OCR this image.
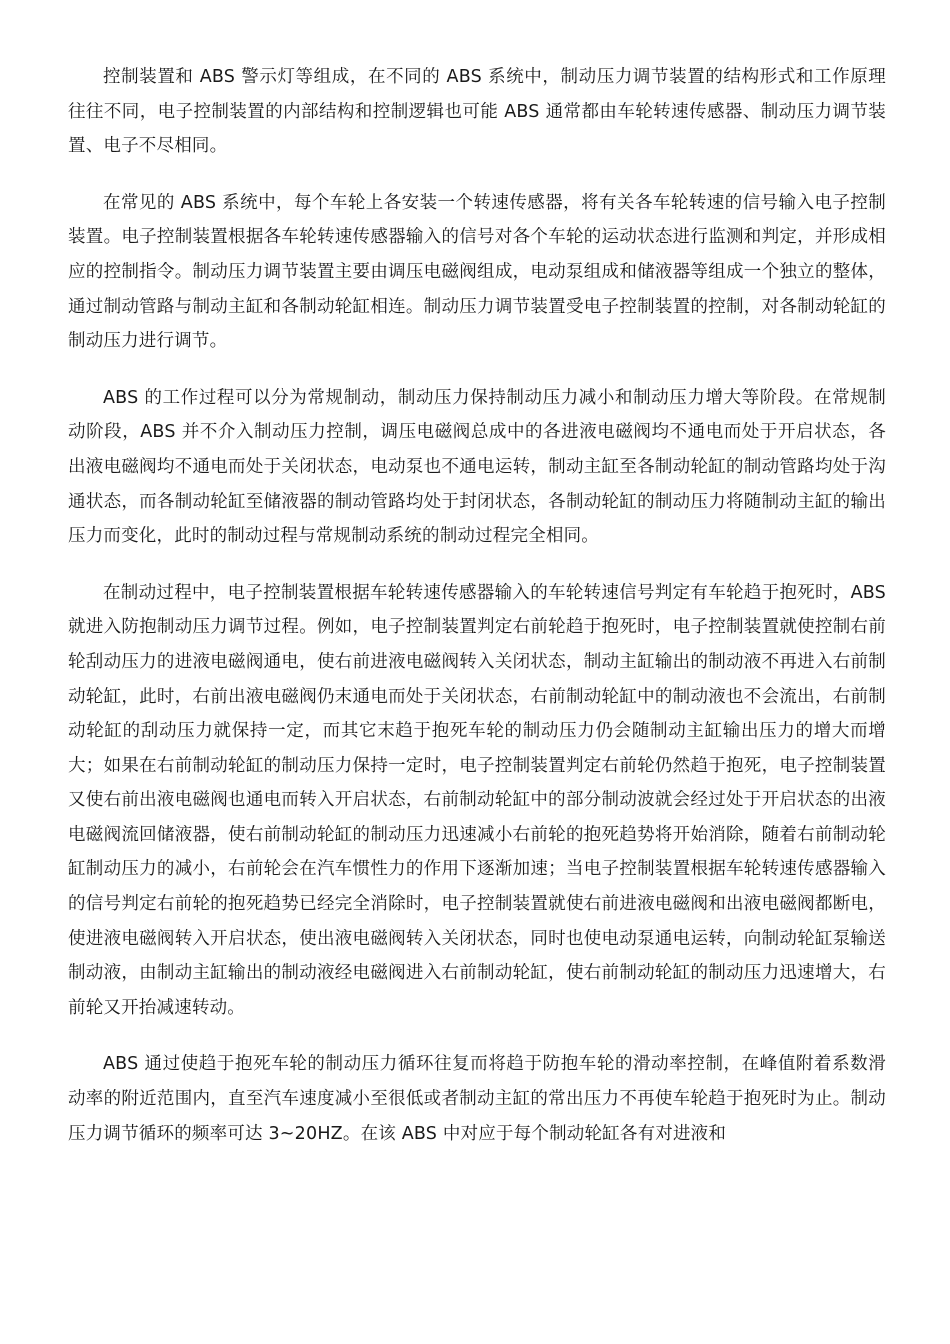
控制装置和 ABS 警示灯等组成，在不同的 ABS 系统中，制动压力调节装置的结构形式和工作原理往往不同，电子控制装置的内部结构和控制逻辑也可能 ABS 通常都由车轮转速传感器、制动压力调节装置、电子不尽相同。

在常见的 ABS 系统中，每个车轮上各安装一个转速传感器，将有关各车轮转速的信号输入电子控制装置。电子控制装置根据各车轮转速传感器输入的信号对各个车轮的运动状态进行监测和判定，并形成相应的控制指令。制动压力调节装置主要由调压电磁阀组成，电动泵组成和储液器等组成一个独立的整体，通过制动管路与制动主缸和各制动轮缸相连。制动压力调节装置受电子控制装置的控制，对各制动轮缸的制动压力进行调节。

ABS 的工作过程可以分为常规制动，制动压力保持制动压力减小和制动压力增大等阶段。在常规制动阶段，ABS 并不介入制动压力控制，调压电磁阀总成中的各进液电磁阀均不通电而处于开启状态，各出液电磁阀均不通电而处于关闭状态，电动泵也不通电运转，制动主缸至各制动轮缸的制动管路均处于沟通状态，而各制动轮缸至储液器的制动管路均处于封闭状态，各制动轮缸的制动压力将随制动主缸的输出压力而变化，此时的制动过程与常规制动系统的制动过程完全相同。

在制动过程中，电子控制装置根据车轮转速传感器输入的车轮转速信号判定有车轮趋于抱死时，ABS 就进入防抱制动压力调节过程。例如，电子控制装置判定右前轮趋于抱死时，电子控制装置就使控制右前轮刮动压力的进液电磁阀通电，使右前进液电磁阀转入关闭状态，制动主缸输出的制动液不再进入右前制动轮缸，此时，右前出液电磁阀仍末通电而处于关闭状态，右前制动轮缸中的制动液也不会流出，右前制动轮缸的刮动压力就保持一定，而其它末趋于抱死车轮的制动压力仍会随制动主缸输出压力的增大而增大；如果在右前制动轮缸的制动压力保持一定时，电子控制装置判定右前轮仍然趋于抱死，电子控制装置又使右前出液电磁阀也通电而转入开启状态，右前制动轮缸中的部分制动波就会经过处于开启状态的出液电磁阀流回储液器，使右前制动轮缸的制动压力迅速减小右前轮的抱死趋势将开始消除，随着右前制动轮缸制动压力的减小，右前轮会在汽车惯性力的作用下逐渐加速；当电子控制装置根据车轮转速传感器输入的信号判定右前轮的抱死趋势已经完全消除时，电子控制装置就使右前进液电磁阀和出液电磁阀都断电，使进液电磁阀转入开启状态，使出液电磁阀转入关闭状态，同时也使电动泵通电运转，向制动轮缸泵输送制动液，由制动主缸输出的制动液经电磁阀进入右前制动轮缸，使右前制动轮缸的制动压力迅速增大，右前轮又开抬减速转动。

ABS 通过使趋于抱死车轮的制动压力循环往复而将趋于防抱车轮的滑动率控制，在峰值附着系数滑动率的附近范围内，直至汽车速度减小至很低或者制动主缸的常出压力不再使车轮趋于抱死时为止。制动压力调节循环的频率可达 3~20HZ。在该 ABS 中对应于每个制动轮缸各有对进液和
